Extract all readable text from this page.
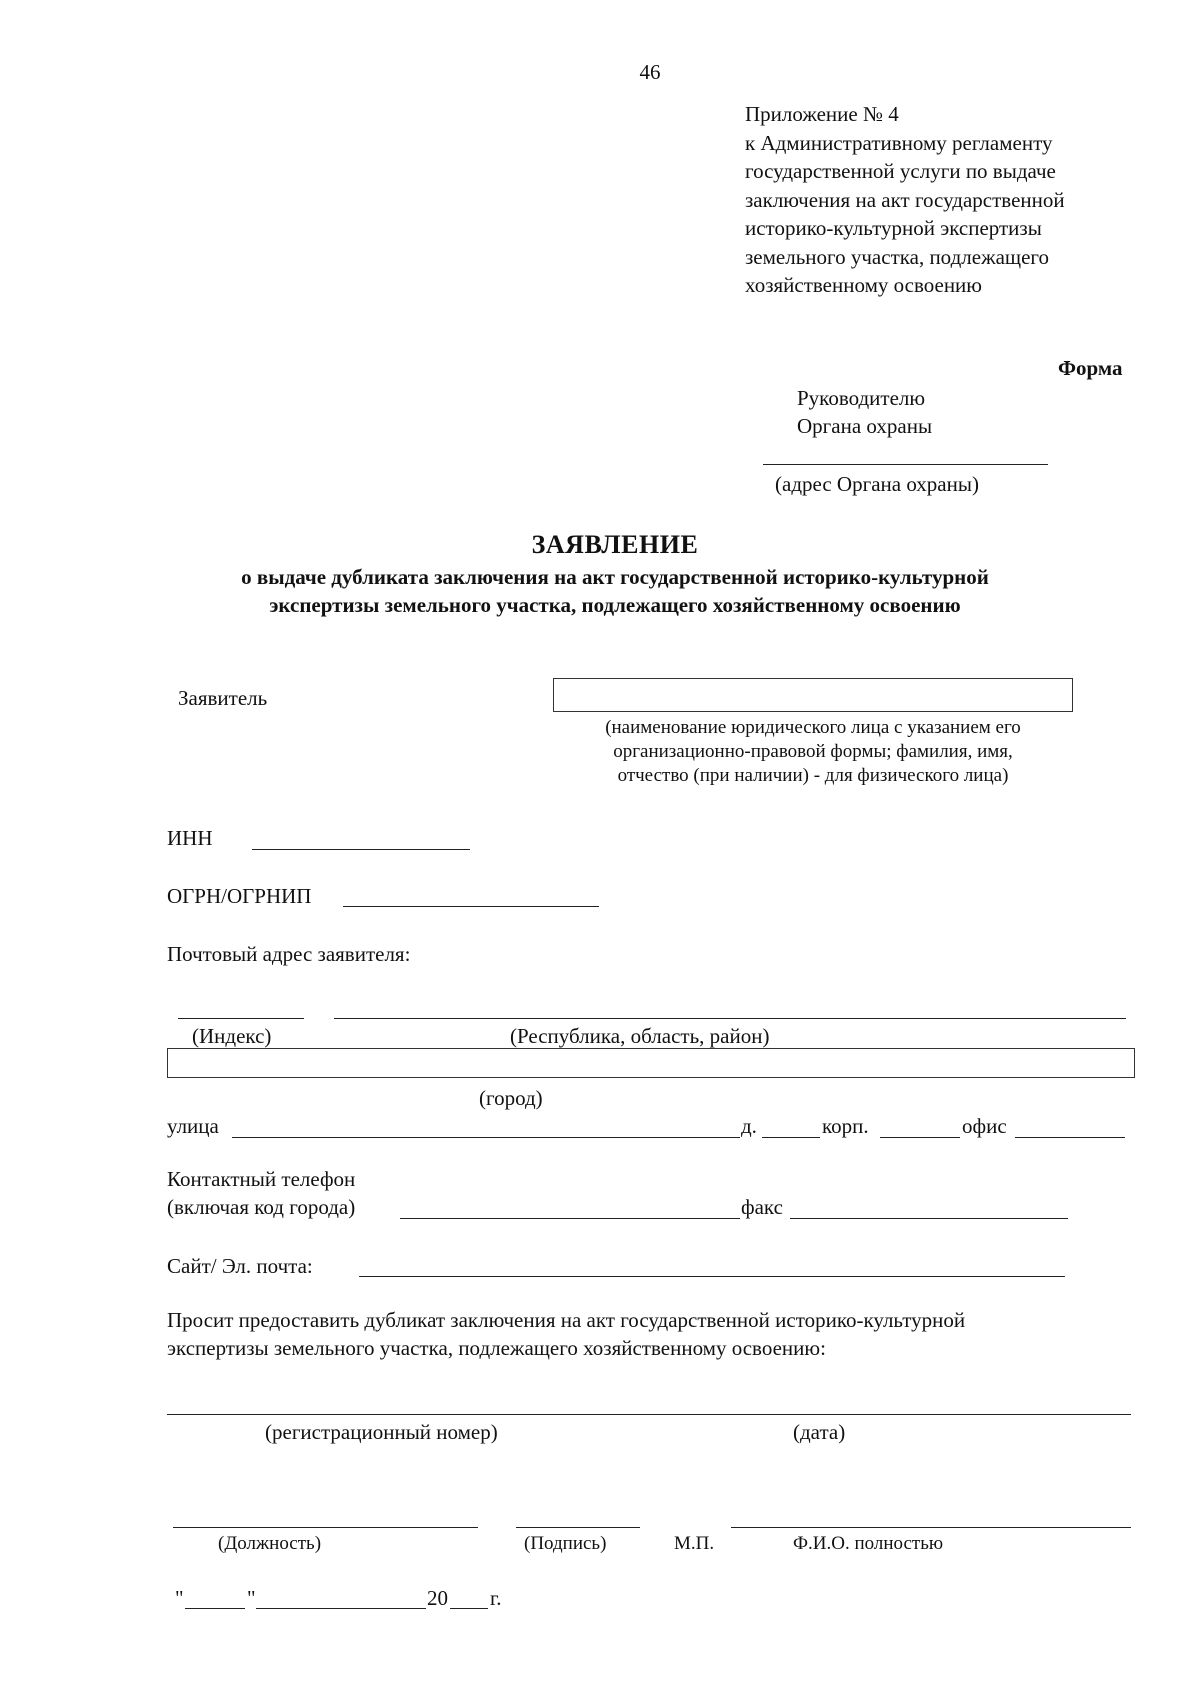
46
Приложение № 4
к Административному регламенту
государственной услуги по выдаче
заключения на акт государственной
историко-культурной экспертизы
земельного участка, подлежащего
хозяйственному освоению
Форма
Руководителю
Органа охраны
(адрес Органа охраны)
ЗАЯВЛЕНИЕ
о выдаче дубликата заключения на акт государственной историко-культурной
экспертизы земельного участка, подлежащего хозяйственному освоению
Заявитель
(наименование юридического лица с указанием его
организационно-правовой формы; фамилия, имя,
отчество (при наличии) - для физического лица)
ИНН
ОГРН/ОГРНИП
Почтовый адрес заявителя:
(Индекс)	(Республика, область, район)
(город)
улица	д.	корп.	офис
Контактный телефон
(включая код города)	факс
Сайт/ Эл. почта:
Просит предоставить дубликат заключения на акт государственной историко-культурной
экспертизы земельного участка, подлежащего хозяйственному освоению:
(регистрационный номер)	(дата)
(Должность)	(Подпись)	М.П.	Ф.И.О. полностью
"	"	20 г.
